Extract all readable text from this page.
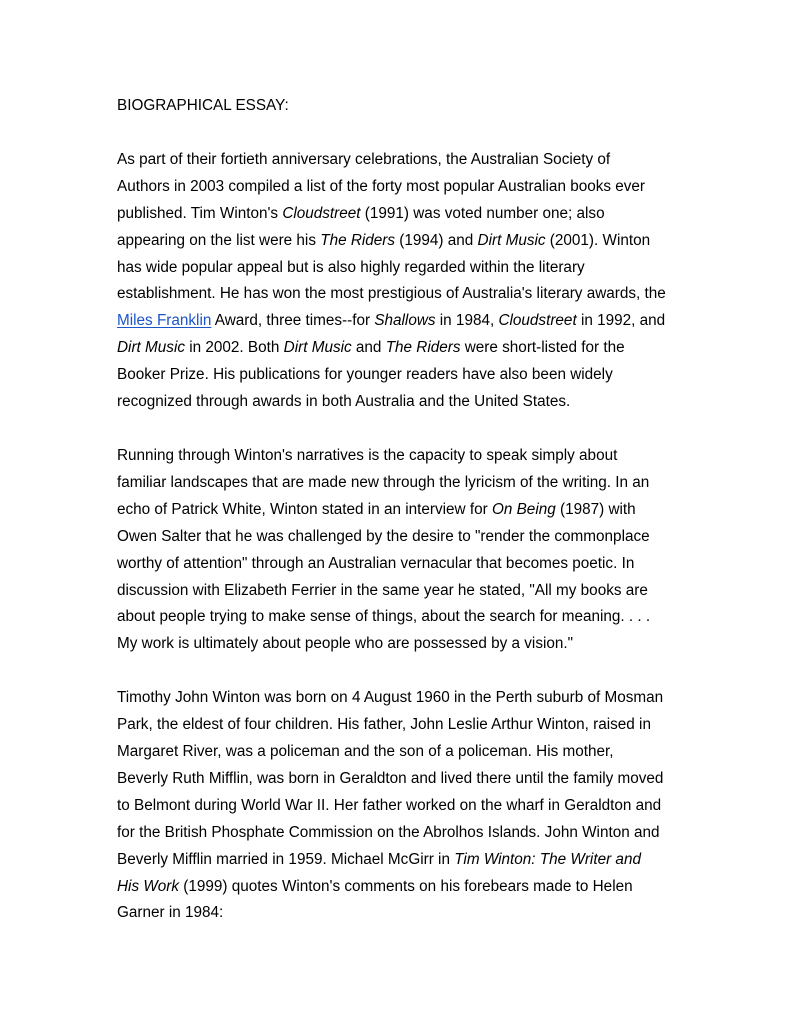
BIOGRAPHICAL ESSAY:
As part of their fortieth anniversary celebrations, the Australian Society of
Authors in 2003 compiled a list of the forty most popular Australian books ever
published. Tim Winton's Cloudstreet (1991) was voted number one; also
appearing on the list were his The Riders (1994) and Dirt Music (2001). Winton
has wide popular appeal but is also highly regarded within the literary
establishment. He has won the most prestigious of Australia's literary awards, the
Miles Franklin Award, three times--for Shallows in 1984, Cloudstreet in 1992, and
Dirt Music in 2002. Both Dirt Music and The Riders were short-listed for the
Booker Prize. His publications for younger readers have also been widely
recognized through awards in both Australia and the United States.
Running through Winton's narratives is the capacity to speak simply about
familiar landscapes that are made new through the lyricism of the writing. In an
echo of Patrick White, Winton stated in an interview for On Being (1987) with
Owen Salter that he was challenged by the desire to "render the commonplace
worthy of attention" through an Australian vernacular that becomes poetic. In
discussion with Elizabeth Ferrier in the same year he stated, "All my books are
about people trying to make sense of things, about the search for meaning. . . .
My work is ultimately about people who are possessed by a vision."
Timothy John Winton was born on 4 August 1960 in the Perth suburb of Mosman
Park, the eldest of four children. His father, John Leslie Arthur Winton, raised in
Margaret River, was a policeman and the son of a policeman. His mother,
Beverly Ruth Mifflin, was born in Geraldton and lived there until the family moved
to Belmont during World War II. Her father worked on the wharf in Geraldton and
for the British Phosphate Commission on the Abrolhos Islands. John Winton and
Beverly Mifflin married in 1959. Michael McGirr in Tim Winton: The Writer and
His Work (1999) quotes Winton's comments on his forebears made to Helen
Garner in 1984:
